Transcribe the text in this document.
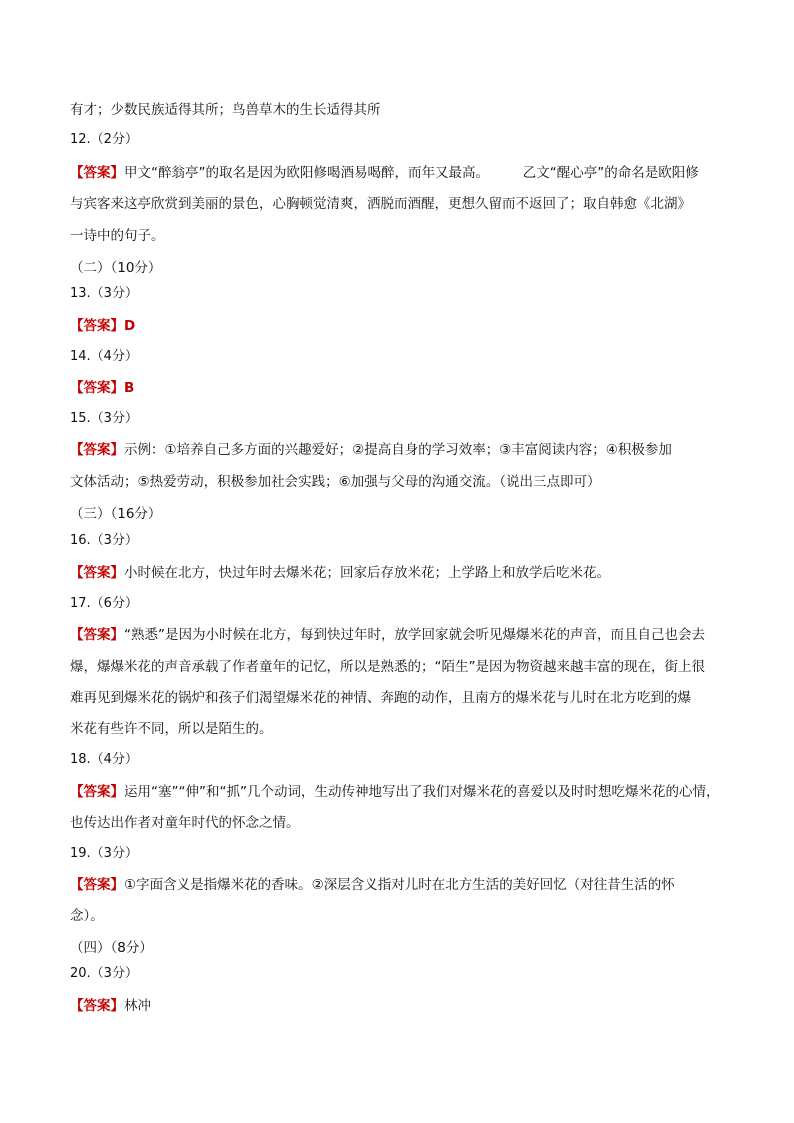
有才；少数民族适得其所；鸟兽草木的生长适得其所
12.（2分）
【答案】甲文“醉翁亭”的取名是因为欧阳修喝酒易喝醉，而年又最高。　　　乙文“醒心亭”的命名是欧阳修
与宾客来这亭欣赏到美丽的景色，心胸顿觉清爽，洒脱而酒醒，更想久留而不返回了；取自韩愈《北湖》
一诗中的句子。
（二）（10分）
13.（3分）
【答案】D
14.（4分）
【答案】B
15.（3分）
【答案】示例：①培养自己多方面的兴趣爱好；②提高自身的学习效率；③丰富阅读内容；④积极参加
文体活动；⑤热爱劳动，积极参加社会实践；⑥加强与父母的沟通交流。（说出三点即可）
（三）（16分）
16.（3分）
【答案】小时候在北方，快过年时去爆米花；回家后存放米花；上学路上和放学后吃米花。
17.（6分）
【答案】“熟悉”是因为小时候在北方，每到快过年时，放学回家就会听见爆爆米花的声音，而且自己也会去
爆，爆爆米花的声音承载了作者童年的记忆，所以是熟悉的；“陌生”是因为物资越来越丰富的现在，街上很
难再见到爆米花的锅炉和孩子们渴望爆米花的神情、奔跑的动作，且南方的爆米花与儿时在北方吃到的爆
米花有些许不同，所以是陌生的。
18.（4分）
【答案】运用“塞”“伸”和“抓”几个动词，生动传神地写出了我们对爆米花的喜爱以及时时想吃爆米花的心情，
也传达出作者对童年时代的怀念之情。
19.（3分）
【答案】①字面含义是指爆米花的香味。②深层含义指对儿时在北方生活的美好回忆（对往昔生活的怀
念）。
（四）（8分）
20.（3分）
【答案】林冲
